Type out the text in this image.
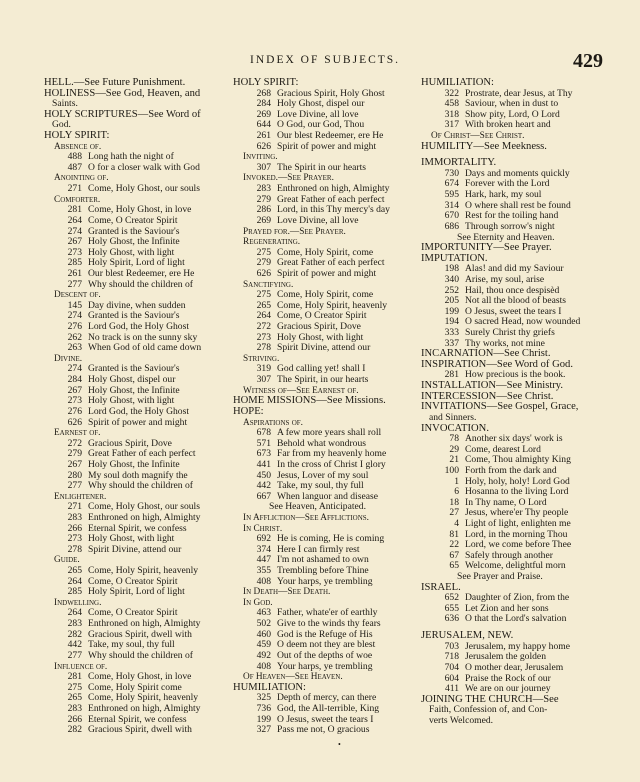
INDEX OF SUBJECTS.	429
HELL.—See Future Punishment.
HOLINESS—See God, Heaven, and
Saints.
HOLY SCRIPTURES—See Word of
God.
HOLY SPIRIT:
Absence of.
488 Long hath the night of
487 O for a closer walk with God
Anointing of.
271 Come, Holy Ghost, our souls
Comforter.
281 Come, Holy Ghost, in love
264 Come, O Creator Spirit
274 Granted is the Saviour's
267 Holy Ghost, the Infinite
273 Holy Ghost, with light
285 Holy Spirit, Lord of light
261 Our blest Redeemer, ere He
277 Why should the children of
Descent of.
145 Day divine, when sudden
274 Granted is the Saviour's
276 Lord God, the Holy Ghost
262 No track is on the sunny sky
263 When God of old came down
Divine.
274 Granted is the Saviour's
284 Holy Ghost, dispel our
267 Holy Ghost, the Infinite
273 Holy Ghost, with light
276 Lord God, the Holy Ghost
626 Spirit of power and might
Earnest of.
272 Gracious Spirit, Dove
279 Great Father of each perfect
267 Holy Ghost, the Infinite
280 My soul doth magnify the
277 Why should the children of
Enlightener.
271 Come, Holy Ghost, our souls
283 Enthroned on high, Almighty
266 Eternal Spirit, we confess
273 Holy Ghost, with light
278 Spirit Divine, attend our
Guide.
265 Come, Holy Spirit, heavenly
264 Come, O Creator Spirit
285 Holy Spirit, Lord of light
Indwelling.
264 Come, O Creator Spirit
283 Enthroned on high, Almighty
282 Gracious Spirit, dwell with
442 Take, my soul, thy full
277 Why should the children of
Influence of.
281 Come, Holy Ghost, in love
275 Come, Holy Spirit come
265 Come, Holy Spirit, heavenly
283 Enthroned on high, Almighty
266 Eternal Spirit, we confess
282 Gracious Spirit, dwell with
HOLY SPIRIT:
268 Gracious Spirit, Holy Ghost
284 Holy Ghost, dispel our
269 Love Divine, all love
644 O God, our God, Thou
261 Our blest Redeemer, ere He
626 Spirit of power and might
Inviting.
307 The Spirit in our hearts
Invoked.—See Prayer.
283 Enthroned on high, Almighty
279 Great Father of each perfect
286 Lord, in this Thy mercy's day
269 Love Divine, all love
Prayed for.—See Prayer.
Regenerating.
275 Come, Holy Spirit, come
279 Great Father of each perfect
626 Spirit of power and might
Sanctifying.
275 Come, Holy Spirit, come
265 Come, Holy Spirit, heavenly
264 Come, O Creator Spirit
272 Gracious Spirit, Dove
273 Holy Ghost, with light
278 Spirit Divine, attend our
Striving.
319 God calling yet! shall I
307 The Spirit, in our hearts
Witness of—See Earnest of.
HOME MISSIONS—See Missions.
HOPE:
Aspirations of.
678 A few more years shall roll
571 Behold what wondrous
673 Far from my heavenly home
441 In the cross of Christ I glory
450 Jesus, Lover of my soul
442 Take, my soul, thy full
667 When languor and disease
See Heaven, Anticipated.
In Affliction—See Afflictions.
In Christ.
692 He is coming, He is coming
374 Here I can firmly rest
447 I'm not ashamed to own
355 Trembling before Thine
408 Your harps, ye trembling
In Death—See Death.
In God.
463 Father, whate'er of earthly
502 Give to the winds thy fears
460 God is the Refuge of His
459 O deem not they are blest
492 Out of the depths of woe
408 Your harps, ye trembling
Of Heaven—See Heaven.
HUMILIATION:
325 Depth of mercy, can there
736 God, the All-terrible, King
199 O Jesus, sweet the tears I
327 Pass me not, O gracious
HUMILIATION:
322 Prostrate, dear Jesus, at Thy
458 Saviour, when in dust to
318 Show pity, Lord, O Lord
317 With broken heart and
Of Christ—See Christ.
HUMILITY—See Meekness.
IMMORTALITY.
730 Days and moments quickly
674 Forever with the Lord
595 Hark, hark, my soul
314 O where shall rest be found
670 Rest for the toiling hand
686 Through sorrow's night
See Eternity and Heaven.
IMPORTUNITY—See Prayer.
IMPUTATION.
198 Alas! and did my Saviour
340 Arise, my soul, arise
252 Hail, thou once despisèd
205 Not all the blood of beasts
199 O Jesus, sweet the tears I
194 O sacred Head, now wounded
333 Surely Christ thy griefs
337 Thy works, not mine
INCARNATION—See Christ.
INSPIRATION—See Word of God.
281 How precious is the book.
INSTALLATION—See Ministry.
INTERCESSION—See Christ.
INVITATIONS—See Gospel, Grace,
and Sinners.
INVOCATION.
78 Another six days' work is
29 Come, dearest Lord
21 Come, Thou almighty King
100 Forth from the dark and
1 Holy, holy, holy! Lord God
6 Hosanna to the living Lord
18 In Thy name, O Lord
27 Jesus, where'er Thy people
4 Light of light, enlighten me
81 Lord, in the morning Thou
22 Lord, we come before Thee
67 Safely through another
65 Welcome, delightful morn
See Prayer and Praise.
ISRAEL.
652 Daughter of Zion, from the
655 Let Zion and her sons
636 O that the Lord's salvation
JERUSALEM, NEW.
703 Jerusalem, my happy home
718 Jerusalem the golden
704 O mother dear, Jerusalem
604 Praise the Rock of our
411 We are on our journey
JOINING THE CHURCH—See
Faith, Confession of, and Con-
verts Welcomed.
•
